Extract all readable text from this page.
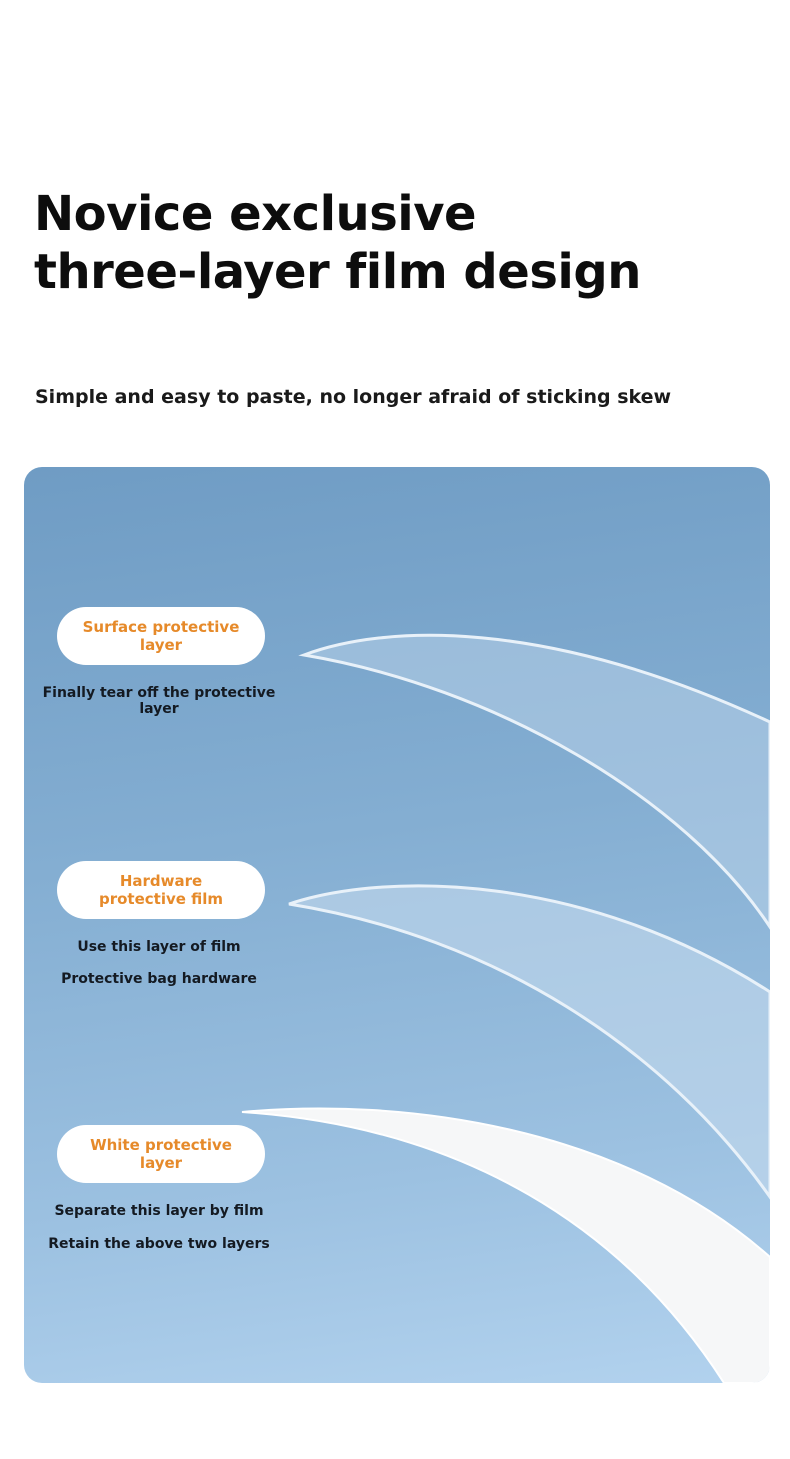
Novice exclusive
three-layer film design

Simple and easy to paste, no longer afraid of sticking skew

Surface protective layer
Finally tear off the protective layer
Hardware protective film
Use this layer of film
Protective bag hardware
White protective layer
Separate this layer by film
Retain the above two layers
